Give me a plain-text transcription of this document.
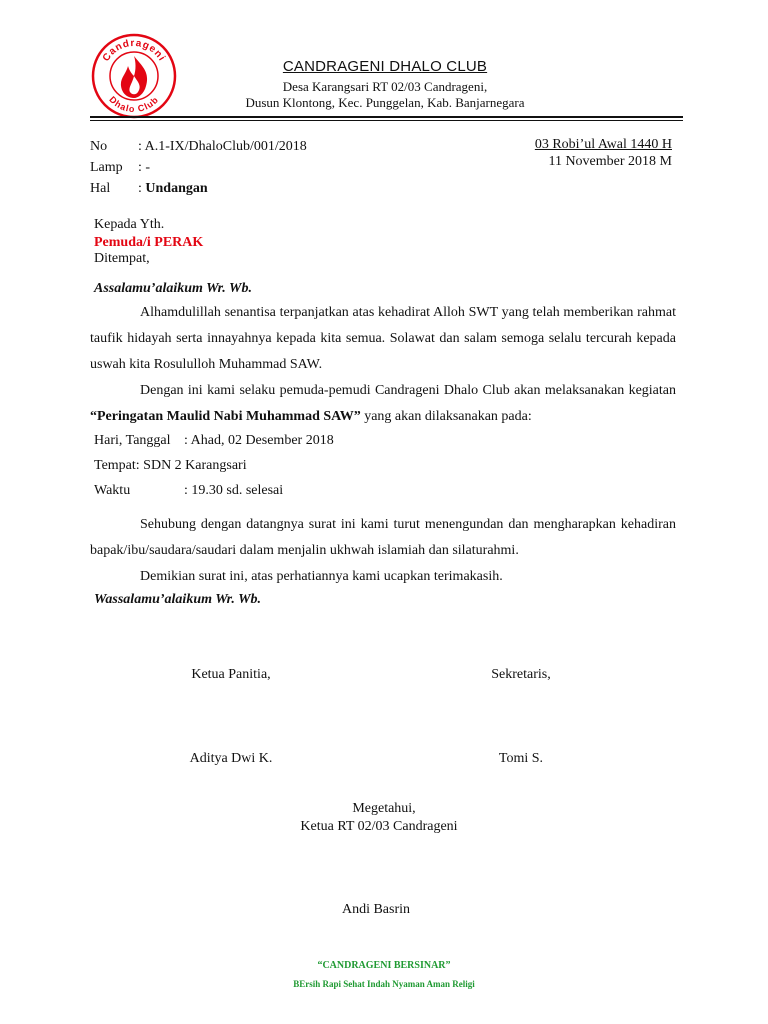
Candrageni
Dhalo Club
CANDRAGENI DHALO CLUB
Desa Karangsari RT 02/03 Candrageni,
Dusun Klontong, Kec. Punggelan, Kab. Banjarnegara
No : A.1-IX/DhaloClub/001/2018
Lamp : -
Hal : Undangan
03 Robi’ul Awal 1440 H
11 November 2018 M
Kepada Yth.
Pemuda/i PERAK
Ditempat,
Assalamu’alaikum Wr. Wb.
Alhamdulillah senantisa terpanjatkan atas kehadirat Alloh SWT yang telah memberikan rahmat taufik hidayah serta innayahnya kepada kita semua. Solawat dan salam semoga selalu tercurah kepada uswah kita Rosululloh Muhammad SAW.
Dengan ini kami selaku pemuda-pemudi Candrageni Dhalo Club akan melaksanakan kegiatan “Peringatan Maulid Nabi Muhammad SAW” yang akan dilaksanakan pada:
Hari, Tanggal : Ahad, 02 Desember 2018
Tempat: SDN 2 Karangsari
Waktu	: 19.30 sd. selesai
Sehubung dengan datangnya surat ini kami turut menengundan dan mengharapkan kehadiran bapak/ibu/saudara/saudari dalam menjalin ukhwah islamiah dan silaturahmi.
Demikian surat ini, atas perhatiannya kami ucapkan terimakasih.
Wassalamu’alaikum Wr. Wb.
Ketua Panitia,
Aditya Dwi K.
Sekretaris,
Tomi S.
Megetahui,
Ketua RT 02/03 Candrageni
Andi Basrin
“CANDRAGENI BERSINAR”
BErsih Rapi Sehat Indah Nyaman Aman Religi
